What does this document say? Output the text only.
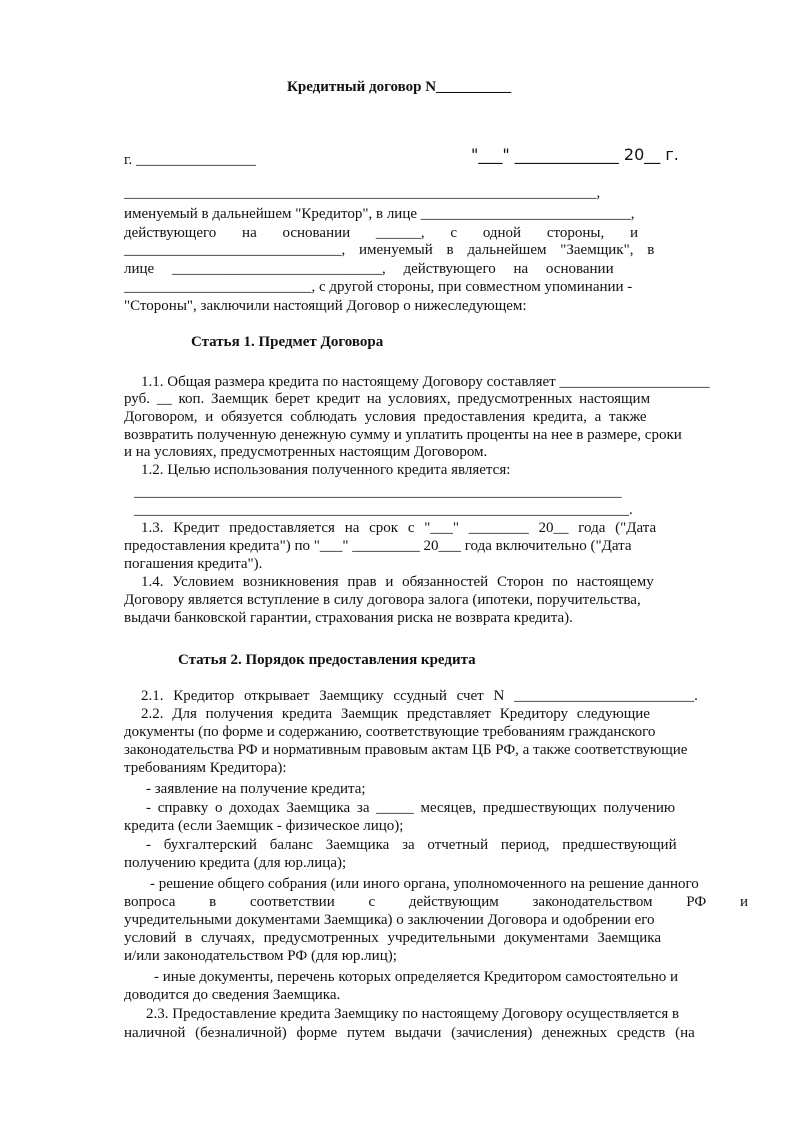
Кредитный договор N__________
г. ________________	"___" _____________ 20__ г.
_______________________________________________________________,
именуемый в дальнейшем "Кредитор", в лице ____________________________,
действующего на основании ______, с одной стороны, и
_____________________________, именуемый в дальнейшем "Заемщик", в
лице ____________________________, действующего на основании
_________________________, с другой стороны, при совместном упоминании -
"Стороны", заключили настоящий Договор о нижеследующем:
Статья 1. Предмет Договора
1.1. Общая размера кредита по настоящему Договору составляет ____________________
руб. __ коп. Заемщик берет кредит на условиях, предусмотренных настоящим
Договором, и обязуется соблюдать условия предоставления кредита, а также
возвратить полученную денежную сумму и уплатить проценты на нее в размере, сроки
и на условиях, предусмотренных настоящим Договором.
1.2. Целью использования полученного кредита является:
_________________________________________________________________
__________________________________________________________________.
1.3. Кредит предоставляется на срок с "___" ________ 20__ года ("Дата
предоставления кредита") по "___" _________ 20___ года включительно ("Дата
погашения кредита").
1.4. Условием возникновения прав и обязанностей Сторон по настоящему
Договору является вступление в силу договора залога (ипотеки, поручительства,
выдачи банковской гарантии, страхования риска не возврата кредита).
Статья 2. Порядок предоставления кредита
2.1. Кредитор открывает Заемщику ссудный счет N ________________________.
2.2. Для получения кредита Заемщик представляет Кредитору следующие
документы (по форме и содержанию, соответствующие требованиям гражданского
законодательства РФ и нормативным правовым актам ЦБ РФ, а также соответствующие
требованиям Кредитора):
- заявление на получение кредита;
- справку о доходах Заемщика за _____ месяцев, предшествующих получению
кредита (если Заемщик - физическое лицо);
- бухгалтерский баланс Заемщика за отчетный период, предшествующий
получению кредита (для юр.лица);
- решение общего собрания (или иного органа, уполномоченного на решение данного
вопроса в соответствии с действующим законодательством РФ и
учредительными документами Заемщика) о заключении Договора и одобрении его
условий в случаях, предусмотренных учредительными документами Заемщика
и/или законодательством РФ (для юр.лиц);
- иные документы, перечень которых определяется Кредитором самостоятельно и
доводится до сведения Заемщика.
2.3. Предоставление кредита Заемщику по настоящему Договору осуществляется в
наличной (безналичной) форме путем выдачи (зачисления) денежных средств (на
